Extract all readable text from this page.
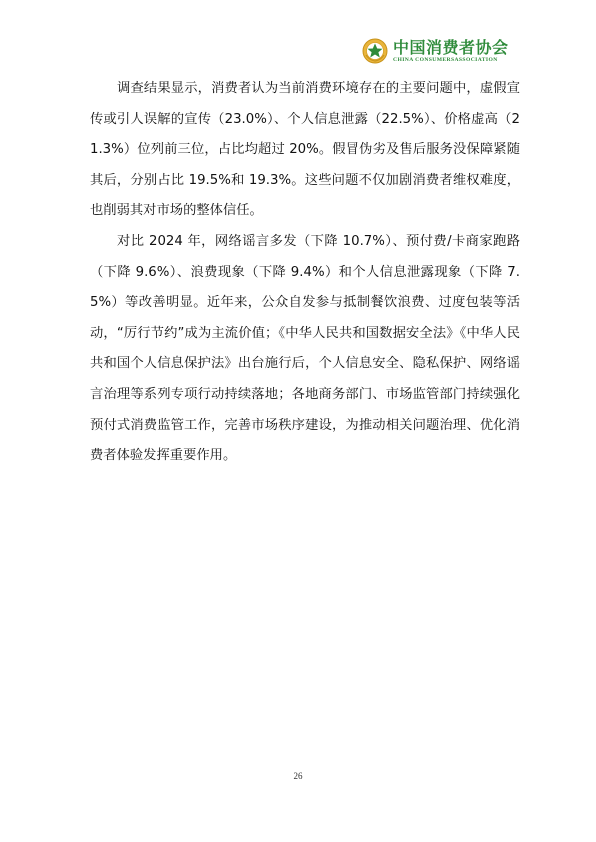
中国消费者协会
CHINA CONSUMERSASSOCIATION

调查结果显示，消费者认为当前消费环境存在的主要问题中，虚假宣传或引人误解的宣传（23.0%）、个人信息泄露（22.5%）、价格虚高（21.3%）位列前三位，占比均超过 20%。假冒伪劣及售后服务没保障紧随其后，分别占比 19.5%和 19.3%。这些问题不仅加剧消费者维权难度，也削弱其对市场的整体信任。

对比 2024 年，网络谣言多发（下降 10.7%）、预付费/卡商家跑路（下降 9.6%）、浪费现象（下降 9.4%）和个人信息泄露现象（下降 7.5%）等改善明显。近年来，公众自发参与抵制餐饮浪费、过度包装等活动，“厉行节约”成为主流价值；《中华人民共和国数据安全法》《中华人民共和国个人信息保护法》出台施行后，个人信息安全、隐私保护、网络谣言治理等系列专项行动持续落地；各地商务部门、市场监管部门持续强化预付式消费监管工作，完善市场秩序建设，为推动相关问题治理、优化消费者体验发挥重要作用。

26
